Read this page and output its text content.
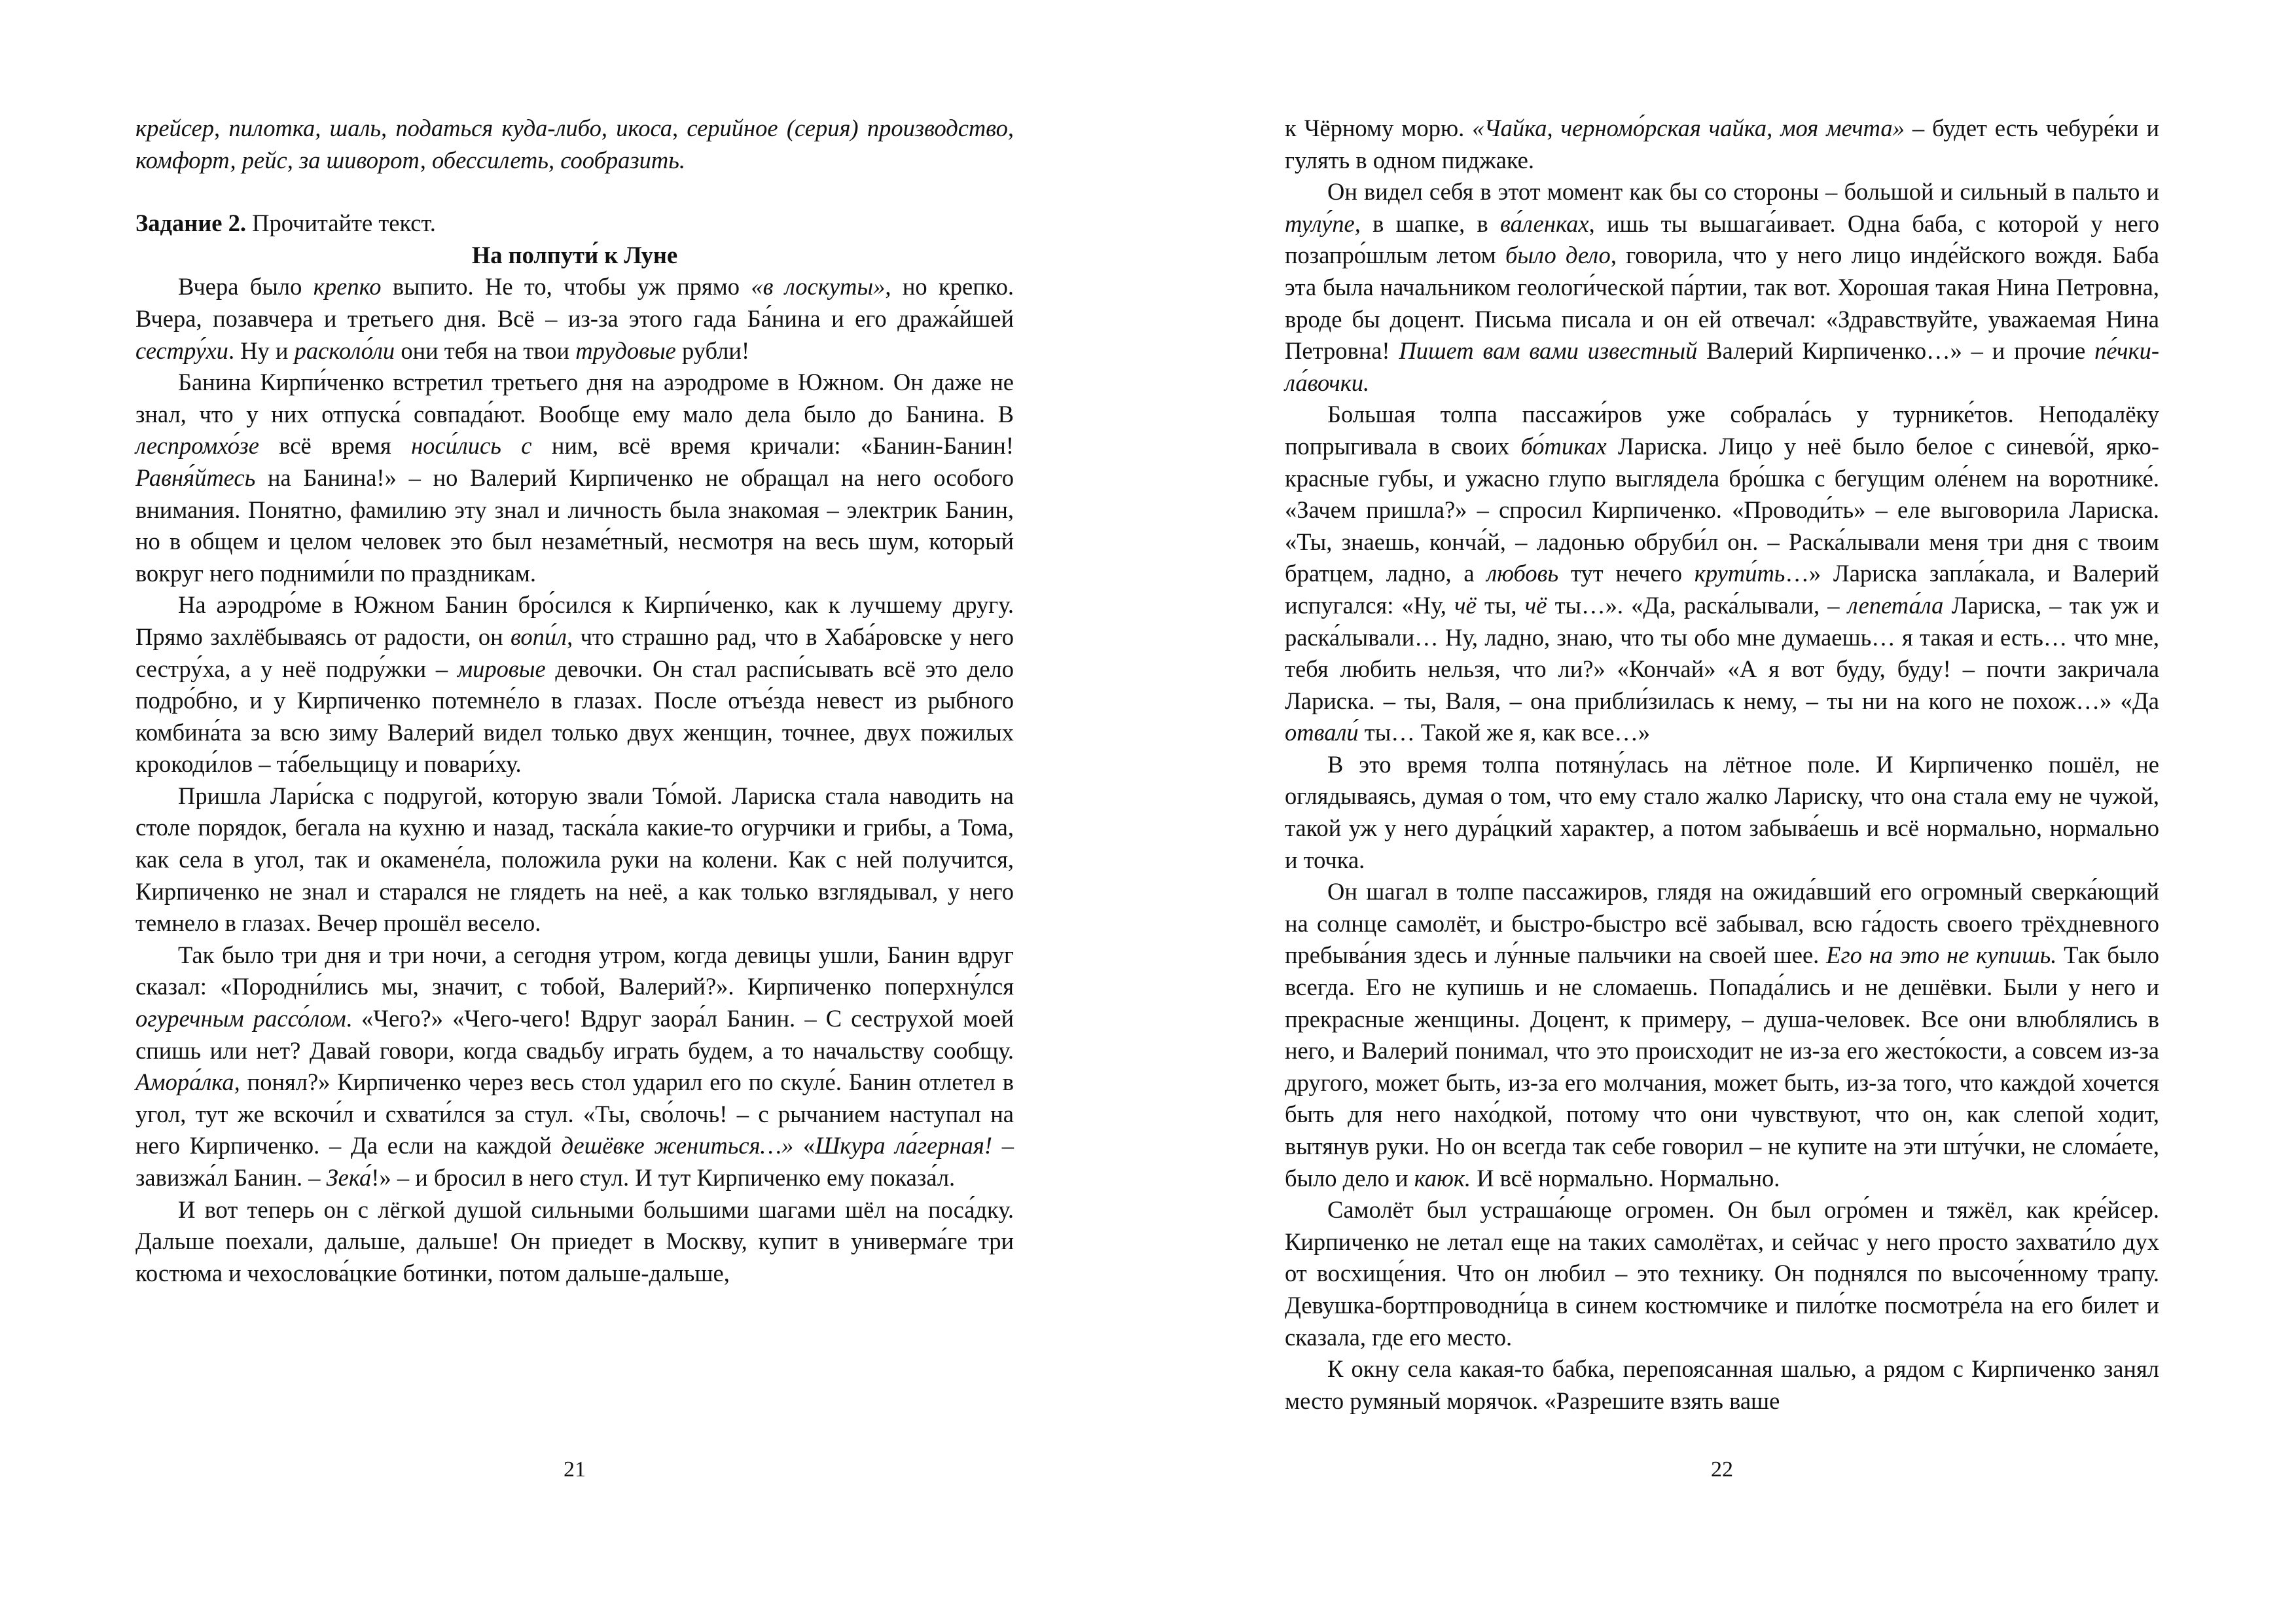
крейсер, пилотка, шаль, податься куда-либо, икоса, серийное (серия) производство, комфорт, рейс, за шиворот, обессилеть, сообразить.

Задание 2. Прочитайте текст.

На полпути́ к Луне

Вчера было крепко выпито. Не то, чтобы уж прямо «в лоскуты», но крепко. Вчера, позавчера и третьего дня. Всё – из-за этого гада Ба́нина и его дража́йшей сестру́хи. Ну и расколо́ли они тебя на твои трудовые рубли!

Банина Кирпи́ченко встретил третьего дня на аэродроме в Южном. Он даже не знал, что у них отпуска́ совпада́ют. Вообще ему мало дела было до Банина. В леспромхо́зе всё время носи́лись с ним, всё время кричали: «Банин-Банин! Равня́йтесь на Банина!» – но Валерий Кирпиченко не обращал на него особого внимания. Понятно, фамилию эту знал и личность была знакомая – электрик Банин, но в общем и целом человек это был незаме́тный, несмотря на весь шум, который вокруг него подними́ли по праздникам.

На аэродро́ме в Южном Банин бро́сился к Кирпи́ченко, как к лучшему другу. Прямо захлёбываясь от радости, он вопи́л, что страшно рад, что в Хаба́ровске у него сестру́ха, а у неё подру́жки – мировые девочки. Он стал распи́сывать всё это дело подро́бно, и у Кирпиченко потемне́ло в глазах. После отъе́зда невест из рыбного комбина́та за всю зиму Валерий видел только двух женщин, точнее, двух пожилых крокоди́лов – та́бельщицу и повари́ху.

Пришла Лари́ска с подругой, которую звали То́мой. Лариска стала наводить на столе порядок, бегала на кухню и назад, таска́ла какие-то огурчики и грибы, а Тома, как села в угол, так и окамене́ла, положила руки на колени. Как с ней получится, Кирпиченко не знал и старался не глядеть на неё, а как только взглядывал, у него темнело в глазах. Вечер прошёл весело.

Так было три дня и три ночи, а сегодня утром, когда девицы ушли, Банин вдруг сказал: «Породни́лись мы, значит, с тобой, Валерий?». Кирпиченко поперхну́лся огуречным рассо́лом. «Чего?» «Чего-чего! Вдруг заора́л Банин. – С сеструхой моей спишь или нет? Давай говори, когда свадьбу играть будем, а то начальству сообщу. Амора́лка, понял?» Кирпиченко через весь стол ударил его по скуле́. Банин отлетел в угол, тут же вскочи́л и схвати́лся за стул. «Ты, сво́лочь! – с рычанием наступал на него Кирпиченко. – Да если на каждой дешёвке жениться…» «Шкура ла́герная! – завизжа́л Банин. – Зека́!» – и бросил в него стул. И тут Кирпиченко ему показа́л.

И вот теперь он с лёгкой душой сильными большими шагами шёл на поса́дку. Дальше поехали, дальше, дальше! Он приедет в Москву, купит в универма́ге три костюма и чехослова́цкие ботинки, потом дальше-дальше,

21

к Чёрному морю. «Чайка, черномо́рская чайка, моя мечта» – будет есть чебуре́ки и гулять в одном пиджаке.

Он видел себя в этот момент как бы со стороны – большой и сильный в пальто и тулу́пе, в шапке, в ва́ленках, ишь ты вышага́ивает. Одна баба, с которой у него позапро́шлым летом было дело, говорила, что у него лицо инде́йского вождя. Баба эта была начальником геологи́ческой па́ртии, так вот. Хорошая такая Нина Петровна, вроде бы доцент. Письма писала и он ей отвечал: «Здравствуйте, уважаемая Нина Петровна! Пишет вам вами известный Валерий Кирпиченко…» – и прочие пе́чки-ла́вочки.

Большая толпа пассажи́ров уже собрала́сь у турнике́тов. Неподалёку попрыгивала в своих бо́тиках Лариска. Лицо у неё было белое с синево́й, ярко-красные губы, и ужасно глупо выглядела бро́шка с бегущим оле́нем на воротнике́. «Зачем пришла?» – спросил Кирпиченко. «Проводи́ть» – еле выговорила Лариска. «Ты, знаешь, конча́й, – ладонью обруби́л он. – Раска́лывали меня три дня с твоим братцем, ладно, а любовь тут нечего крути́ть…» Лариска запла́кала, и Валерий испугался: «Ну, чё ты, чё ты…». «Да, раска́лывали, – лепета́ла Лариска, – так уж и раска́лывали… Ну, ладно, знаю, что ты обо мне думаешь… я такая и есть… что мне, тебя любить нельзя, что ли?» «Кончай» «А я вот буду, буду! – почти закричала Лариска. – ты, Валя, – она прибли́зилась к нему, – ты ни на кого не похож…» «Да отвали́ ты… Такой же я, как все…»

В это время толпа потяну́лась на лётное поле. И Кирпиченко пошёл, не оглядываясь, думая о том, что ему стало жалко Лариску, что она стала ему не чужой, такой уж у него дура́цкий характер, а потом забыва́ешь и всё нормально, нормально и точка.

Он шагал в толпе пассажиров, глядя на ожида́вший его огромный сверка́ющий на солнце самолёт, и быстро-быстро всё забывал, всю га́дость своего трёхдневного пребыва́ния здесь и лу́нные пальчики на своей шее. Его на это не купишь. Так было всегда. Его не купишь и не сломаешь. Попада́лись и не дешёвки. Были у него и прекрасные женщины. Доцент, к примеру, – душа-человек. Все они влюблялись в него, и Валерий понимал, что это происходит не из-за его жесто́кости, а совсем из-за другого, может быть, из-за его молчания, может быть, из-за того, что каждой хочется быть для него нахо́дкой, потому что они чувствуют, что он, как слепой ходит, вытянув руки. Но он всегда так себе говорил – не купите на эти шту́чки, не слома́ете, было дело и каюк. И всё нормально. Нормально.

Самолёт был устраша́юще огромен. Он был огро́мен и тяжёл, как кре́йсер. Кирпиченко не летал еще на таких самолётах, и сейчас у него просто захвати́ло дух от восхище́ния. Что он любил – это технику. Он поднялся по высоче́нному трапу. Девушка-бортпроводни́ца в синем костюмчике и пило́тке посмотре́ла на его билет и сказала, где его место.

К окну села какая-то бабка, перепоясанная шалью, а рядом с Кирпиченко занял место румяный морячок. «Разрешите взять ваше

22
